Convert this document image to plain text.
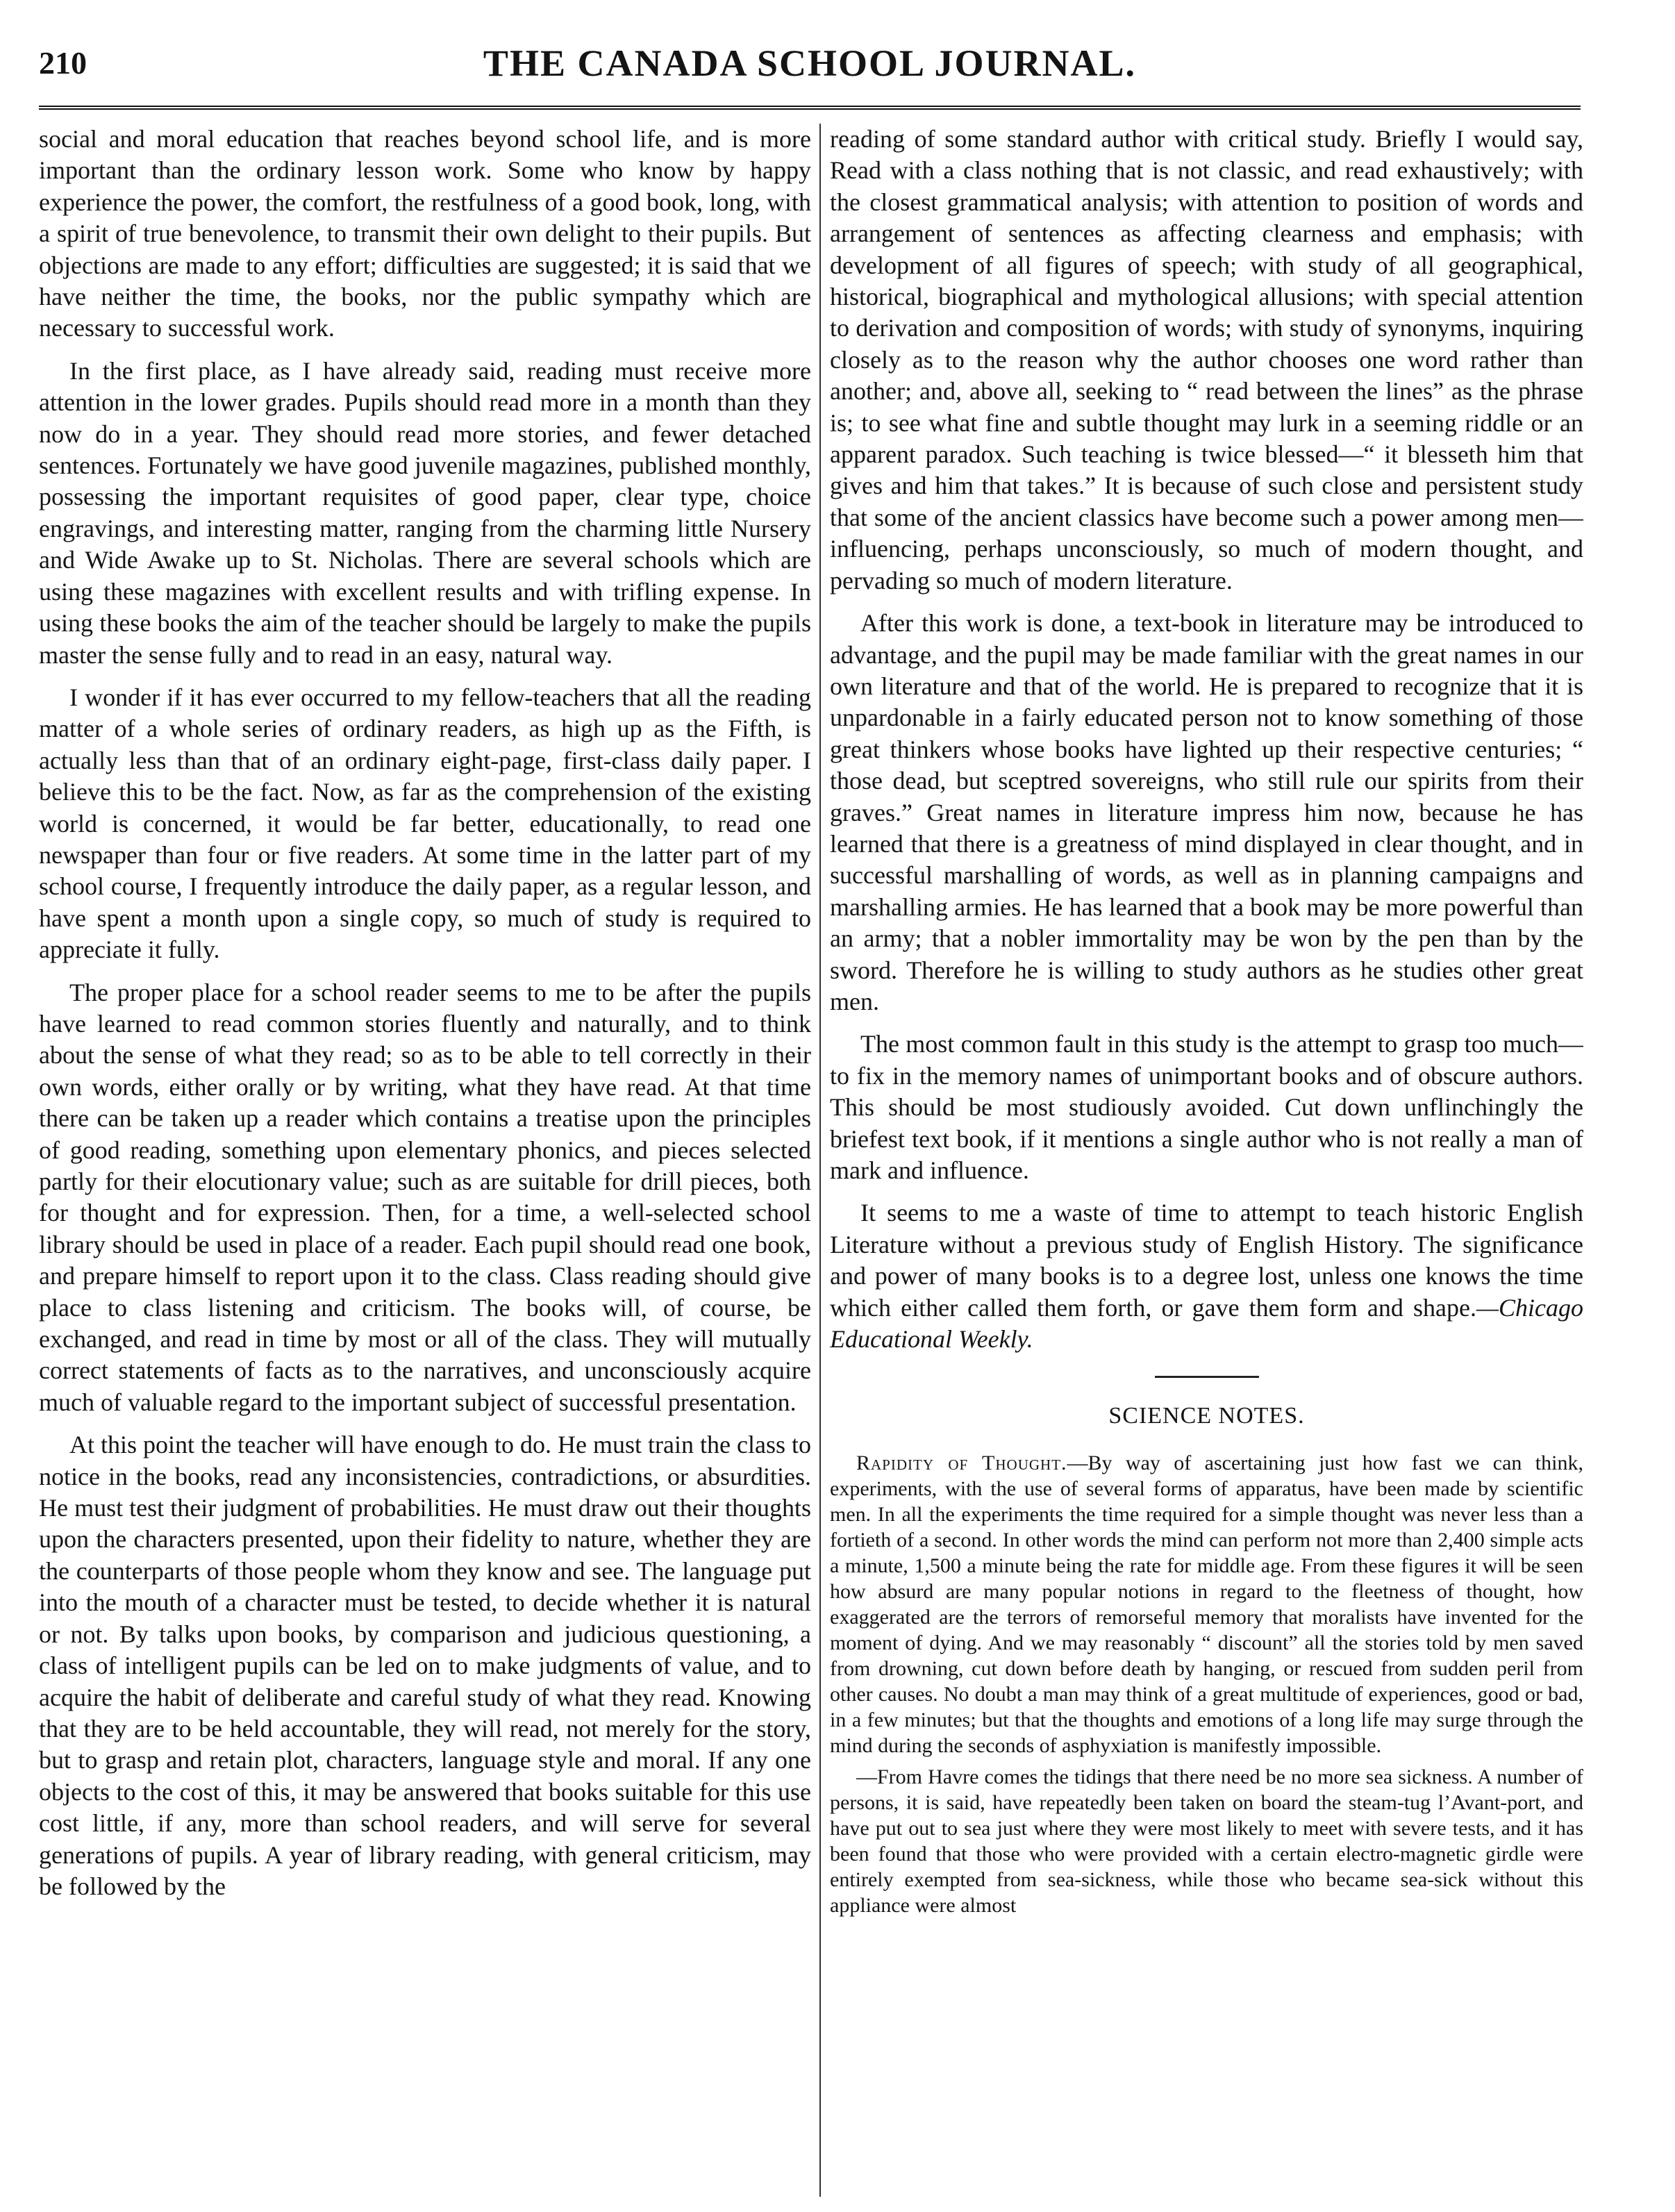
210	THE CANADA SCHOOL JOURNAL.

social and moral education that reaches beyond school life, and is more important than the ordinary lesson work. Some who know by happy experience the power, the comfort, the restfulness of a good book, long, with a spirit of true benevolence, to transmit their own delight to their pupils. But objections are made to any effort; difficulties are suggested; it is said that we have neither the time, the books, nor the public sympathy which are necessary to successful work.

In the first place, as I have already said, reading must receive more attention in the lower grades. Pupils should read more in a month than they now do in a year. They should read more stories, and fewer detached sentences. Fortunately we have good juvenile magazines, published monthly, possessing the important requisites of good paper, clear type, choice engravings, and interesting matter, ranging from the charming little Nursery and Wide Awake up to St. Nicholas. There are several schools which are using these magazines with excellent results and with trifling expense. In using these books the aim of the teacher should be largely to make the pupils master the sense fully and to read in an easy, natural way.

I wonder if it has ever occurred to my fellow-teachers that all the reading matter of a whole series of ordinary readers, as high up as the Fifth, is actually less than that of an ordinary eight-page, first-class daily paper. I believe this to be the fact. Now, as far as the comprehension of the existing world is concerned, it would be far better, educationally, to read one newspaper than four or five readers. At some time in the latter part of my school course, I frequently introduce the daily paper, as a regular lesson, and have spent a month upon a single copy, so much of study is required to appreciate it fully.

The proper place for a school reader seems to me to be after the pupils have learned to read common stories fluently and naturally, and to think about the sense of what they read; so as to be able to tell correctly in their own words, either orally or by writing, what they have read. At that time there can be taken up a reader which contains a treatise upon the principles of good reading, something upon elementary phonics, and pieces selected partly for their elocutionary value; such as are suitable for drill pieces, both for thought and for expression. Then, for a time, a well-selected school library should be used in place of a reader. Each pupil should read one book, and prepare himself to report upon it to the class. Class reading should give place to class listening and criticism. The books will, of course, be exchanged, and read in time by most or all of the class. They will mutually correct statements of facts as to the narratives, and unconsciously acquire much of valuable regard to the important subject of successful presentation.

At this point the teacher will have enough to do. He must train the class to notice in the books, read any inconsistencies, contradictions, or absurdities. He must test their judgment of probabilities. He must draw out their thoughts upon the characters presented, upon their fidelity to nature, whether they are the counterparts of those people whom they know and see. The language put into the mouth of a character must be tested, to decide whether it is natural or not. By talks upon books, by comparison and judicious questioning, a class of intelligent pupils can be led on to make judgments of value, and to acquire the habit of deliberate and careful study of what they read. Knowing that they are to be held accountable, they will read, not merely for the story, but to grasp and retain plot, characters, language style and moral. If any one objects to the cost of this, it may be answered that books suitable for this use cost little, if any, more than school readers, and will serve for several generations of pupils. A year of library reading, with general criticism, may be followed by the

reading of some standard author with critical study. Briefly I would say, Read with a class nothing that is not classic, and read exhaustively; with the closest grammatical analysis; with attention to position of words and arrangement of sentences as affecting clearness and emphasis; with development of all figures of speech; with study of all geographical, historical, biographical and mythological allusions; with special attention to derivation and composition of words; with study of synonyms, inquiring closely as to the reason why the author chooses one word rather than another; and, above all, seeking to “ read between the lines” as the phrase is; to see what fine and subtle thought may lurk in a seeming riddle or an apparent paradox. Such teaching is twice blessed—“ it blesseth him that gives and him that takes.” It is because of such close and persistent study that some of the ancient classics have become such a power among men—influencing, perhaps unconsciously, so much of modern thought, and pervading so much of modern literature.

After this work is done, a text-book in literature may be introduced to advantage, and the pupil may be made familiar with the great names in our own literature and that of the world. He is prepared to recognize that it is unpardonable in a fairly educated person not to know something of those great thinkers whose books have lighted up their respective centuries; “ those dead, but sceptred sovereigns, who still rule our spirits from their graves.” Great names in literature impress him now, because he has learned that there is a greatness of mind displayed in clear thought, and in successful marshalling of words, as well as in planning campaigns and marshalling armies. He has learned that a book may be more powerful than an army; that a nobler immortality may be won by the pen than by the sword. Therefore he is willing to study authors as he studies other great men.

The most common fault in this study is the attempt to grasp too much—to fix in the memory names of unimportant books and of obscure authors. This should be most studiously avoided. Cut down unflinchingly the briefest text book, if it mentions a single author who is not really a man of mark and influence.

It seems to me a waste of time to attempt to teach historic English Literature without a previous study of English History. The significance and power of many books is to a degree lost, unless one knows the time which either called them forth, or gave them form and shape.—Chicago Educational Weekly.

SCIENCE NOTES.

Rapidity of Thought.—By way of ascertaining just how fast we can think, experiments, with the use of several forms of apparatus, have been made by scientific men. In all the experiments the time required for a simple thought was never less than a fortieth of a second. In other words the mind can perform not more than 2,400 simple acts a minute, 1,500 a minute being the rate for middle age. From these figures it will be seen how absurd are many popular notions in regard to the fleetness of thought, how exaggerated are the terrors of remorseful memory that moralists have invented for the moment of dying. And we may reasonably “ discount” all the stories told by men saved from drowning, cut down before death by hanging, or rescued from sudden peril from other causes. No doubt a man may think of a great multitude of experiences, good or bad, in a few minutes; but that the thoughts and emotions of a long life may surge through the mind during the seconds of asphyxiation is manifestly impossible.

—From Havre comes the tidings that there need be no more sea sickness. A number of persons, it is said, have repeatedly been taken on board the steam-tug l’Avant-port, and have put out to sea just where they were most likely to meet with severe tests, and it has been found that those who were provided with a certain electro-magnetic girdle were entirely exempted from sea-sickness, while those who became sea-sick without this appliance were almost
